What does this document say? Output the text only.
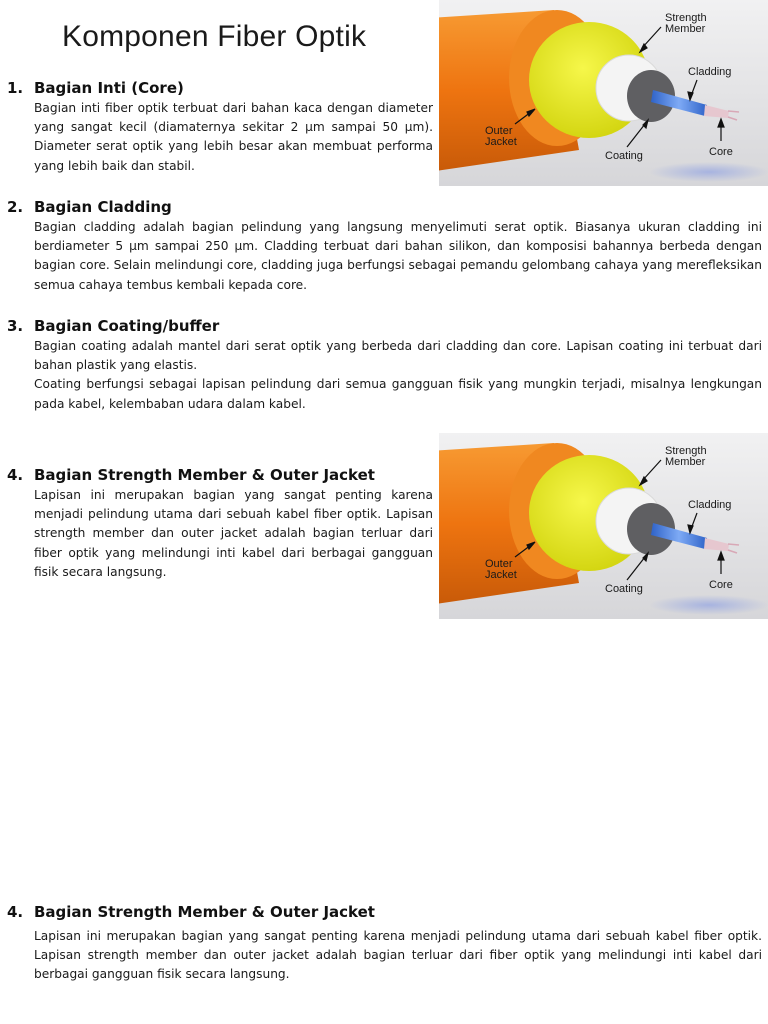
Komponen Fiber Optik
Strength
Member
Cladding
Outer
Jacket
Coating	Core
Strength
Member
Cladding
Outer
Jacket
Coating	Core
1. Bagian Inti (Core)

Bagian inti fiber optik terbuat dari bahan kaca dengan diameter yang sangat kecil (diamaternya sekitar 2 µm sampai 50 µm). Diameter serat optik yang lebih besar akan membuat performa yang lebih baik dan stabil.

2. Bagian Cladding

Bagian cladding adalah bagian pelindung yang langsung menyelimuti serat optik. Biasanya ukuran cladding ini berdiameter 5 µm sampai 250 µm. Cladding terbuat dari bahan silikon, dan komposisi bahannya berbeda dengan bagian core. Selain melindungi core, cladding juga berfungsi sebagai pemandu gelombang cahaya yang merefleksikan semua cahaya tembus kembali kepada core.

3. Bagian Coating/buffer

Bagian coating adalah mantel dari serat optik yang berbeda dari cladding dan core. Lapisan coating ini terbuat dari bahan plastik yang elastis.

Coating berfungsi sebagai lapisan pelindung dari semua gangguan fisik yang mungkin terjadi, misalnya lengkungan pada kabel, kelembaban udara dalam kabel.

4. Bagian Strength Member & Outer Jacket

Lapisan ini merupakan bagian yang sangat penting karena menjadi pelindung utama dari sebuah kabel fiber optik. Lapisan strength member dan outer jacket adalah bagian terluar dari fiber optik yang melindungi inti kabel dari berbagai gangguan fisik secara langsung.

4. Bagian Strength Member & Outer Jacket

Lapisan ini merupakan bagian yang sangat penting karena menjadi pelindung utama dari sebuah kabel fiber optik. Lapisan strength member dan outer jacket adalah bagian terluar dari fiber optik yang melindungi inti kabel dari berbagai gangguan fisik secara langsung.
